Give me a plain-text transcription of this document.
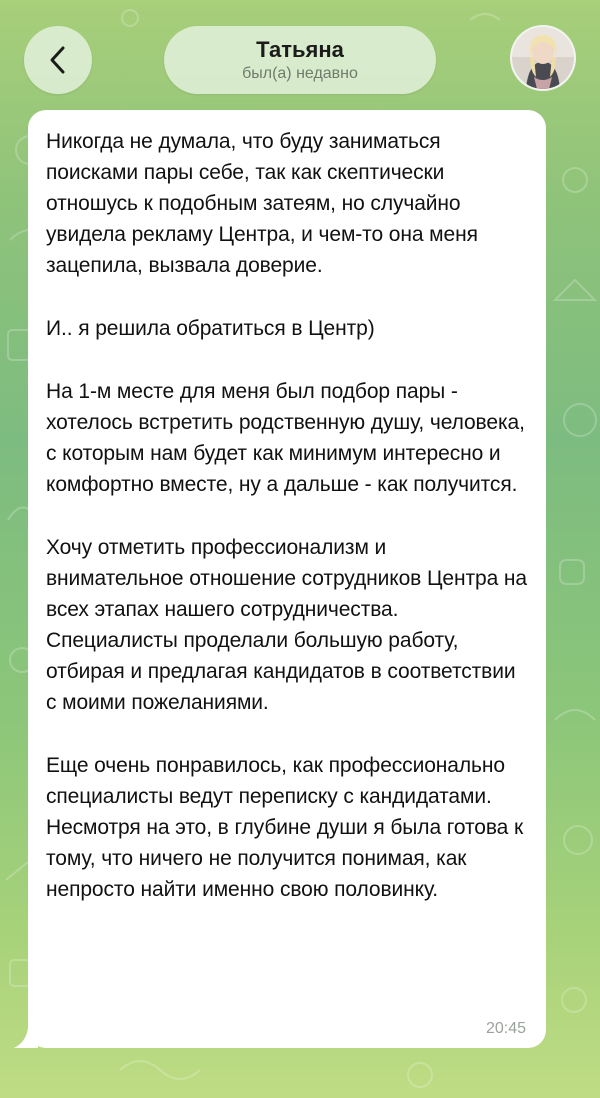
Татьяна
был(а) недавно

Никогда не думала, что буду заниматься поисками пары себе, так как скептически отношусь к подобным затеям, но случайно увидела рекламу Центра, и чем-то она меня зацепила, вызвала доверие.

И.. я решила обратиться в Центр)

На 1-м месте для меня был подбор пары - хотелось встретить родственную душу, человека, с которым нам будет как минимум интересно и комфортно вместе, ну а дальше - как получится.

Хочу отметить профессионализм и внимательное отношение сотрудников Центра на всех этапах нашего сотрудничества. Специалисты проделали большую работу, отбирая и предлагая кандидатов в соответствии с моими пожеланиями.

Еще очень понравилось, как профессионально специалисты ведут переписку с кандидатами. Несмотря на это, в глубине души я была готова к тому, что ничего не получится понимая, как непросто найти именно свою половинку.

20:45
